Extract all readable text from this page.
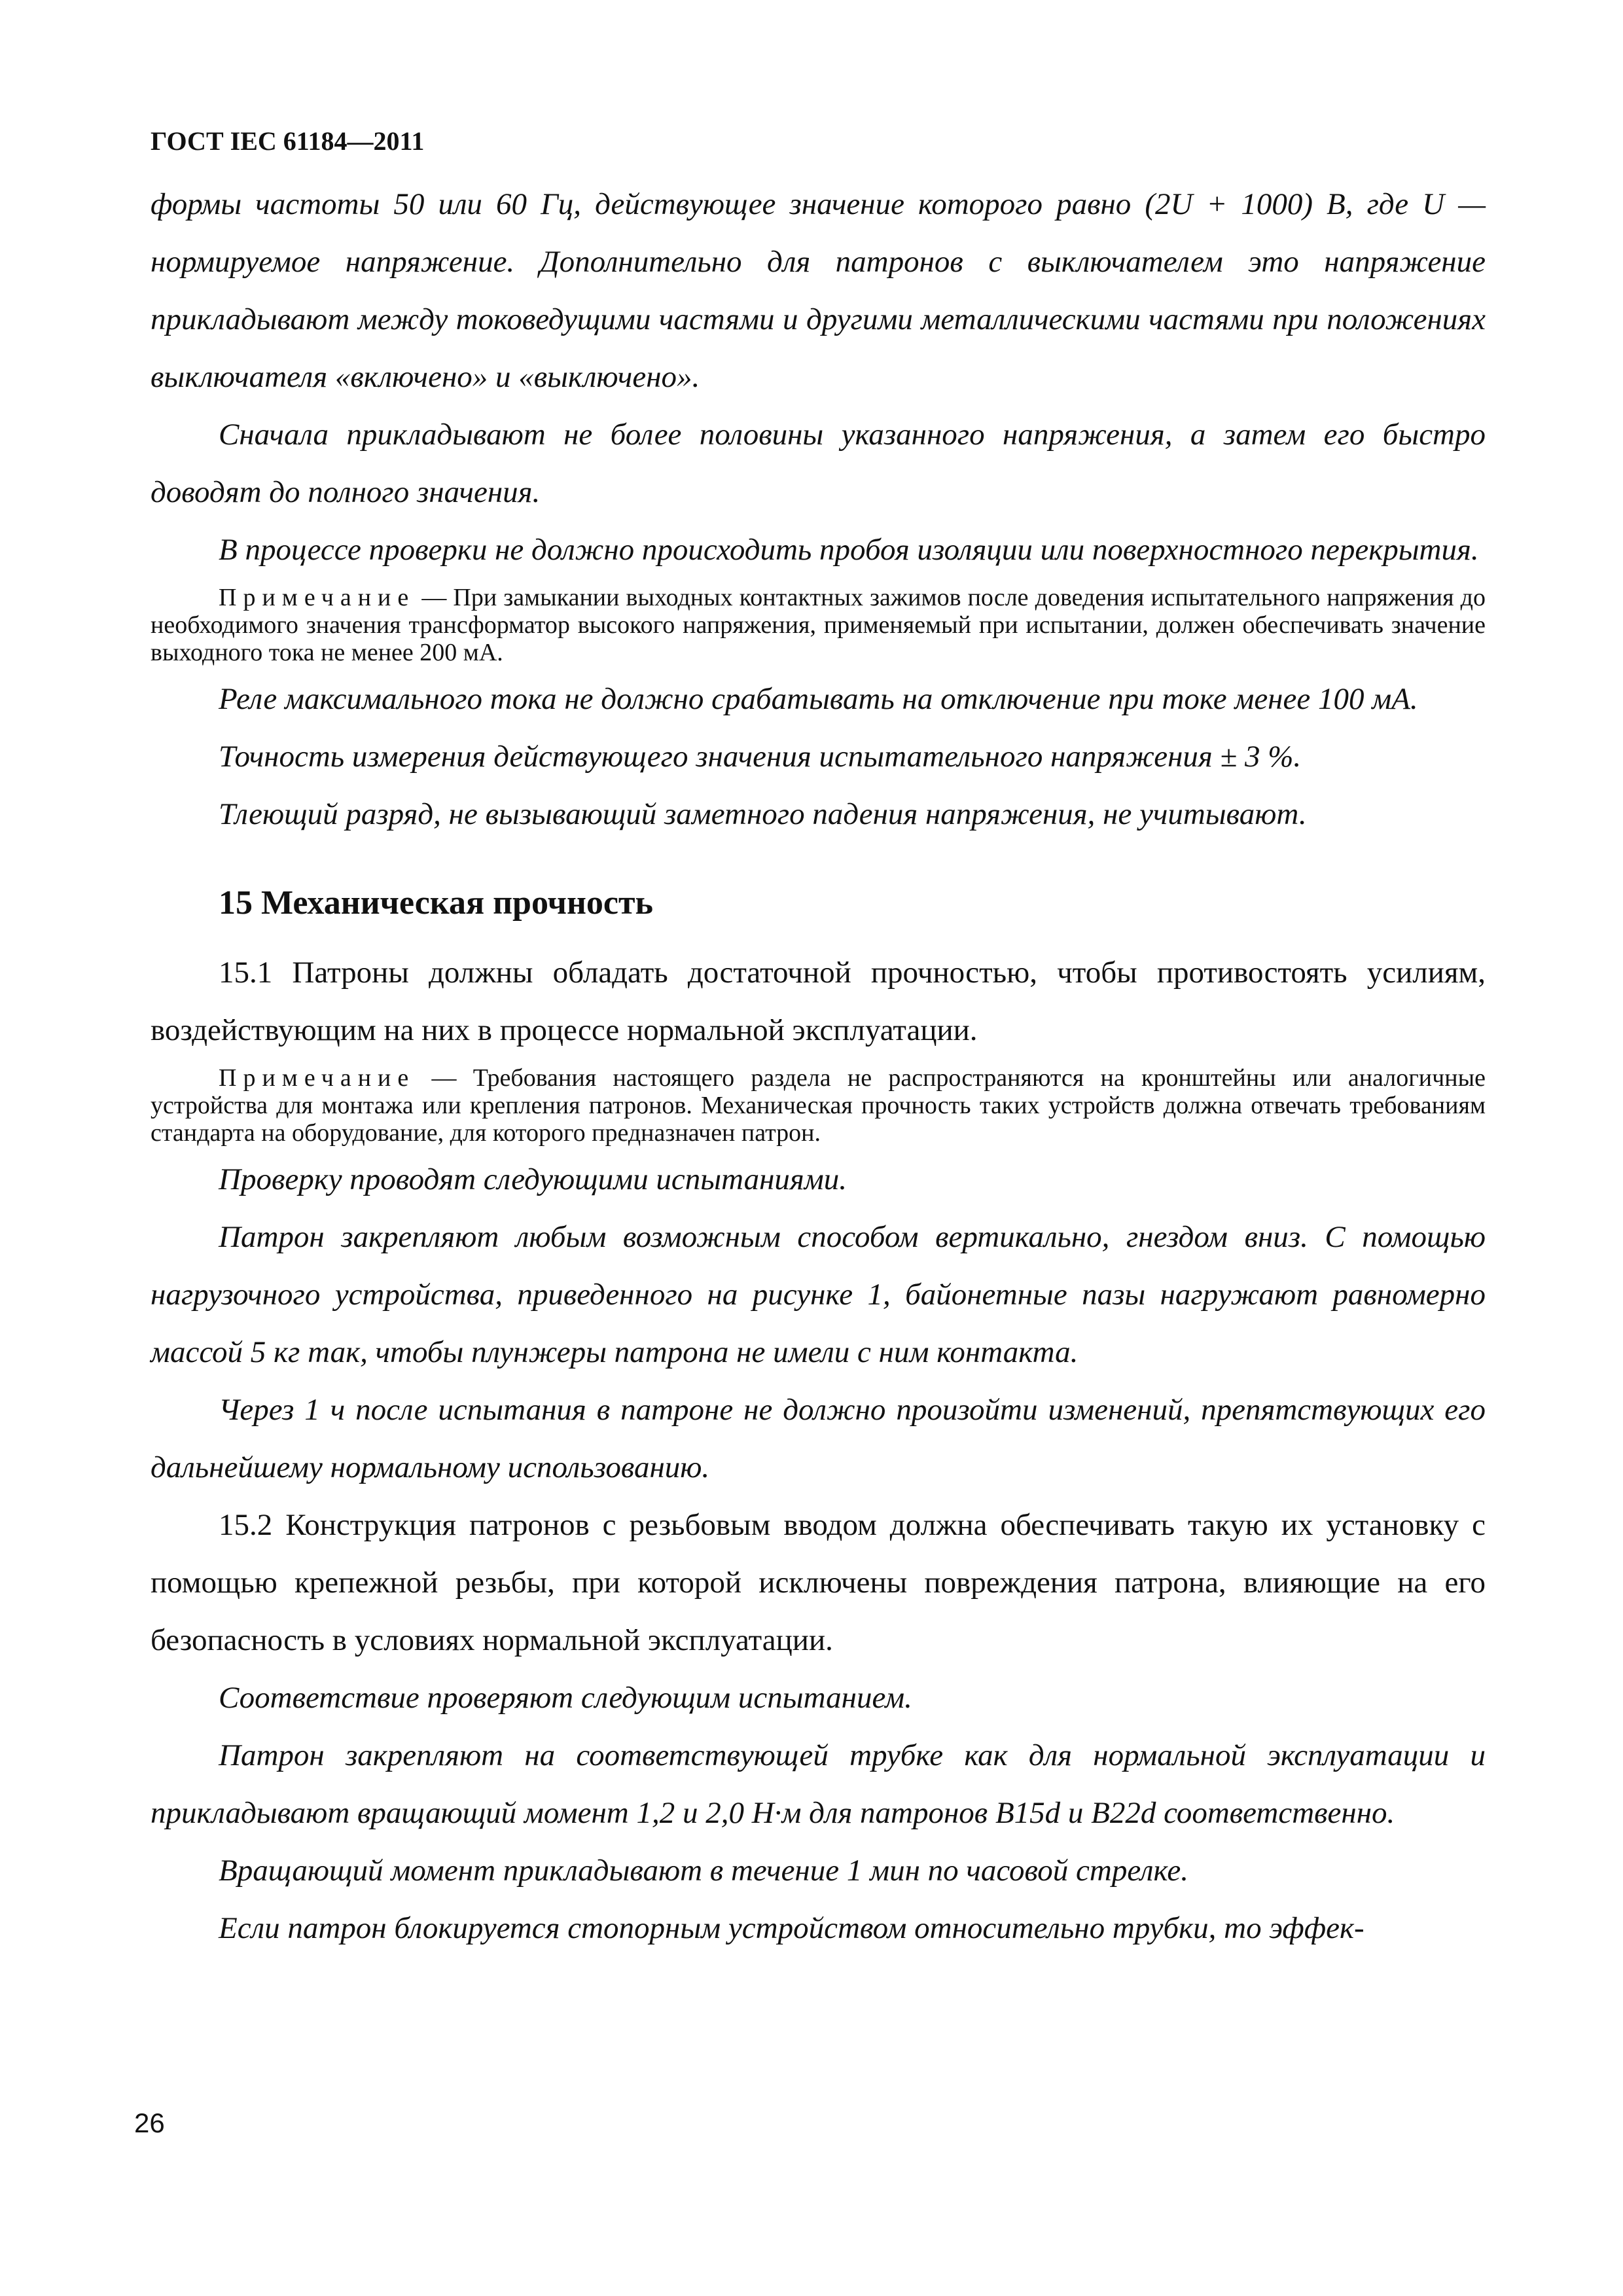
ГОСТ IEC 61184—2011

формы частоты 50 или 60 Гц, действующее значение которого равно (2U + 1000) В, где U — нормируемое напряжение. Дополнительно для патронов с выключателем это напряжение прикладывают между токоведущими частями и другими металлическими частями при положениях выключателя «включено» и «выключено».

Сначала прикладывают не более половины указанного напряжения, а затем его быстро доводят до полного значения.

В процессе проверки не должно происходить пробоя изоляции или поверхностного перекрытия.

Примечание — При замыкании выходных контактных зажимов после доведения испытательного напряжения до необходимого значения трансформатор высокого напряжения, применяемый при испытании, должен обеспечивать значение выходного тока не менее 200 мА.

Реле максимального тока не должно срабатывать на отключение при токе менее 100 мА.

Точность измерения действующего значения испытательного напряжения ± 3 %.

Тлеющий разряд, не вызывающий заметного падения напряжения, не учитывают.

15 Механическая прочность

15.1 Патроны должны обладать достаточной прочностью, чтобы противостоять усилиям, воздействующим на них в процессе нормальной эксплуатации.

Примечание — Требования настоящего раздела не распространяются на кронштейны или аналогичные устройства для монтажа или крепления патронов. Механическая прочность таких устройств должна отвечать требованиям стандарта на оборудование, для которого предназначен патрон.

Проверку проводят следующими испытаниями.

Патрон закрепляют любым возможным способом вертикально, гнездом вниз. С помощью нагрузочного устройства, приведенного на рисунке 1, байонетные пазы нагружают равномерно массой 5 кг так, чтобы плунжеры патрона не имели с ним контакта.

Через 1 ч после испытания в патроне не должно произойти изменений, препятствующих его дальнейшему нормальному использованию.

15.2 Конструкция патронов с резьбовым вводом должна обеспечивать такую их установку с помощью крепежной резьбы, при которой исключены повреждения патрона, влияющие на его безопасность в условиях нормальной эксплуатации.

Соответствие проверяют следующим испытанием.

Патрон закрепляют на соответствующей трубке как для нормальной эксплуатации и прикладывают вращающий момент 1,2 и 2,0 Н·м для патронов B15d и B22d соответственно.

Вращающий момент прикладывают в течение 1 мин по часовой стрелке.

Если патрон блокируется стопорным устройством относительно трубки, то эффек-

26
